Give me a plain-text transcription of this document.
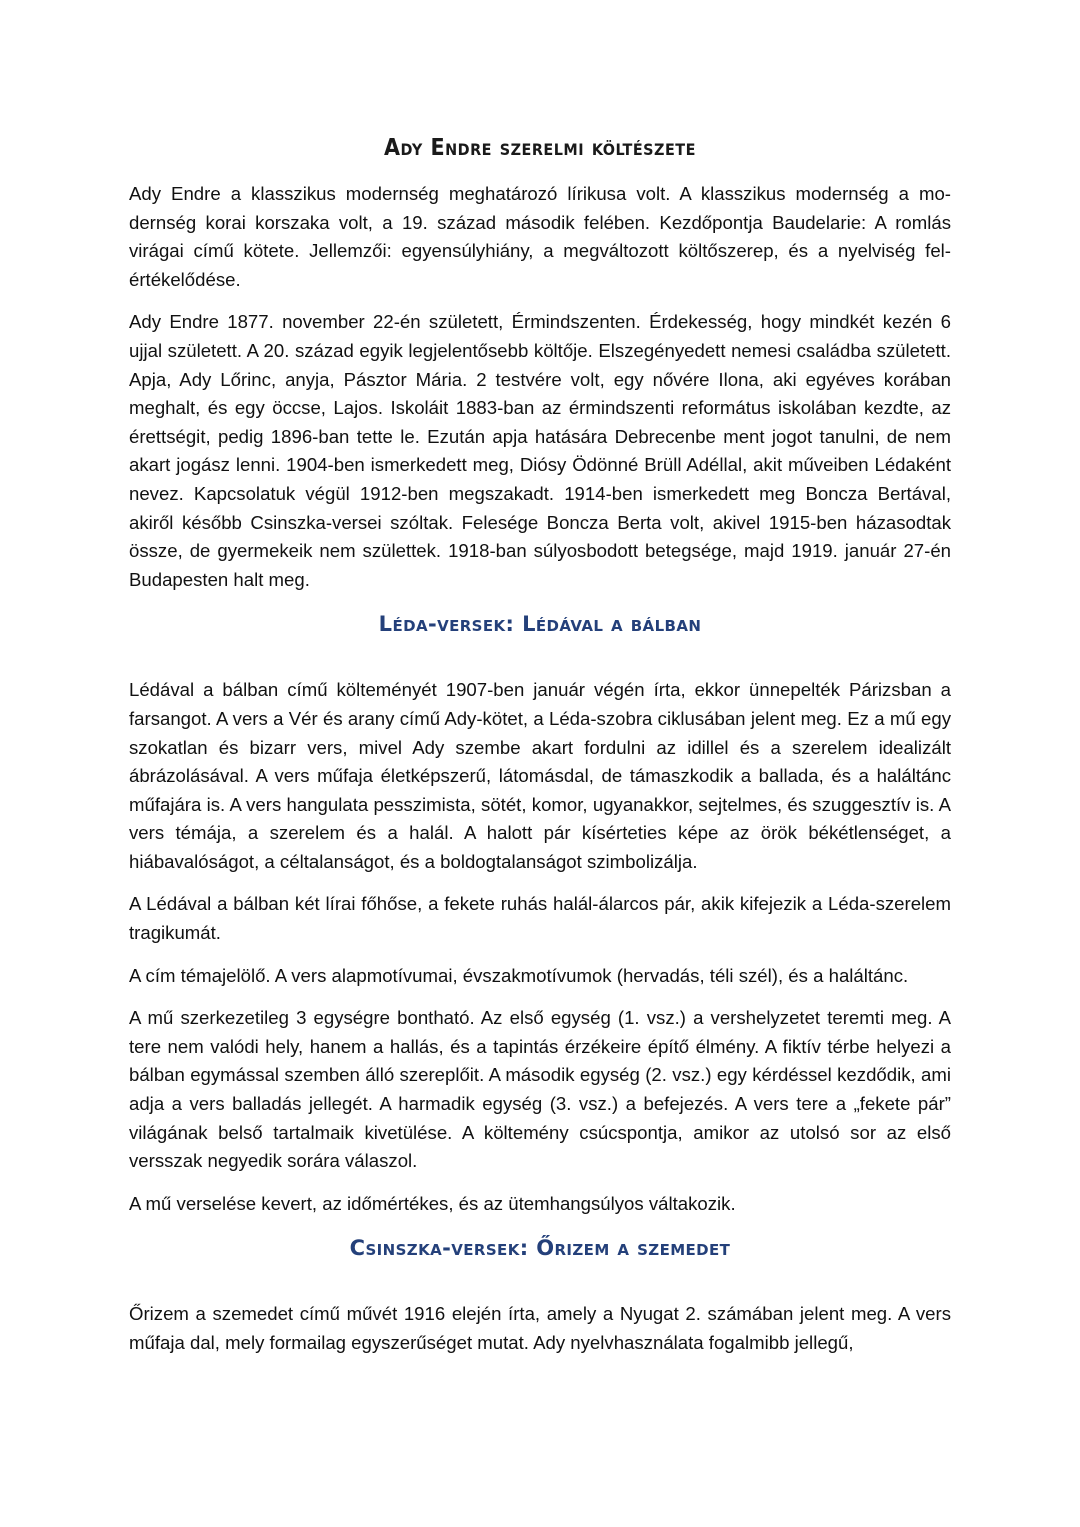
Ady Endre szerelmi költészete

Ady Endre a klasszikus modernség meghatározó lírikusa volt. A klasszikus modernség a modernség korai korszaka volt, a 19. század második felében. Kezdőpontja Baudelarie: A romlás virágai című kötete. Jellemzői: egyensúlyhiány, a megváltozott költőszerep, és a nyelviség felértékelődése.

Ady Endre 1877. november 22-én született, Érmindszenten. Érdekesség, hogy mindkét kezén 6 ujjal született. A 20. század egyik legjelentősebb költője. Elszegényedett nemesi családba született. Apja, Ady Lőrinc, anyja, Pásztor Mária. 2 testvére volt, egy nővére Ilona, aki egyéves korában meghalt, és egy öccse, Lajos. Iskoláit 1883-ban az érmindszenti református iskolában kezdte, az érettségit, pedig 1896-ban tette le. Ezután apja hatására Debrecenbe ment jogot tanulni, de nem akart jogász lenni. 1904-ben ismerkedett meg, Diósy Ödönné Brüll Adéllal, akit műveiben Lédaként nevez. Kapcsolatuk végül 1912-ben megszakadt. 1914-ben ismerkedett meg Boncza Bertával, akiről később Csinszka-versei szóltak. Felesége Boncza Berta volt, akivel 1915-ben házasodtak össze, de gyermekeik nem születtek. 1918-ban súlyosbodott betegsége, majd 1919. január 27-én Budapesten halt meg.

Léda-versek: Lédával a bálban

Lédával a bálban című költeményét 1907-ben január végén írta, ekkor ünnepelték Párizsban a farsangot. A vers a Vér és arany című Ady-kötet, a Léda-szobra ciklusában jelent meg. Ez a mű egy szokatlan és bizarr vers, mivel Ady szembe akart fordulni az idillel és a szerelem idealizált ábrázolásával. A vers műfaja életképszerű, látomásdal, de támaszkodik a ballada, és a haláltánc műfajára is. A vers hangulata pesszimista, sötét, komor, ugyanakkor, sejtelmes, és szuggesztív is. A vers témája, a szerelem és a halál. A halott pár kísérteties képe az örök békétlenséget, a hiábavalóságot, a céltalanságot, és a boldogtalanságot szimbolizálja.

A Lédával a bálban két lírai főhőse, a fekete ruhás halál-álarcos pár, akik kifejezik a Léda-szerelem tragikumát.

A cím témajelölő. A vers alapmotívumai, évszakmotívumok (hervadás, téli szél), és a haláltánc.

A mű szerkezetileg 3 egységre bontható. Az első egység (1. vsz.) a vershelyzetet teremti meg. A tere nem valódi hely, hanem a hallás, és a tapintás érzékeire építő élmény. A fiktív térbe helyezi a bálban egymással szemben álló szereplőit. A második egység (2. vsz.) egy kérdéssel kezdődik, ami adja a vers balladás jellegét. A harmadik egység (3. vsz.) a befejezés. A vers tere a „fekete pár” világának belső tartalmaik kivetülése. A költemény csúcspontja, amikor az utolsó sor az első versszak negyedik sorára válaszol.

A mű verselése kevert, az időmértékes, és az ütemhangsúlyos váltakozik.

Csinszka-versek: Őrizem a szemedet

Őrizem a szemedet című művét 1916 elején írta, amely a Nyugat 2. számában jelent meg. A vers műfaja dal, mely formailag egyszerűséget mutat. Ady nyelvhasználata fogalmibb jellegű,
